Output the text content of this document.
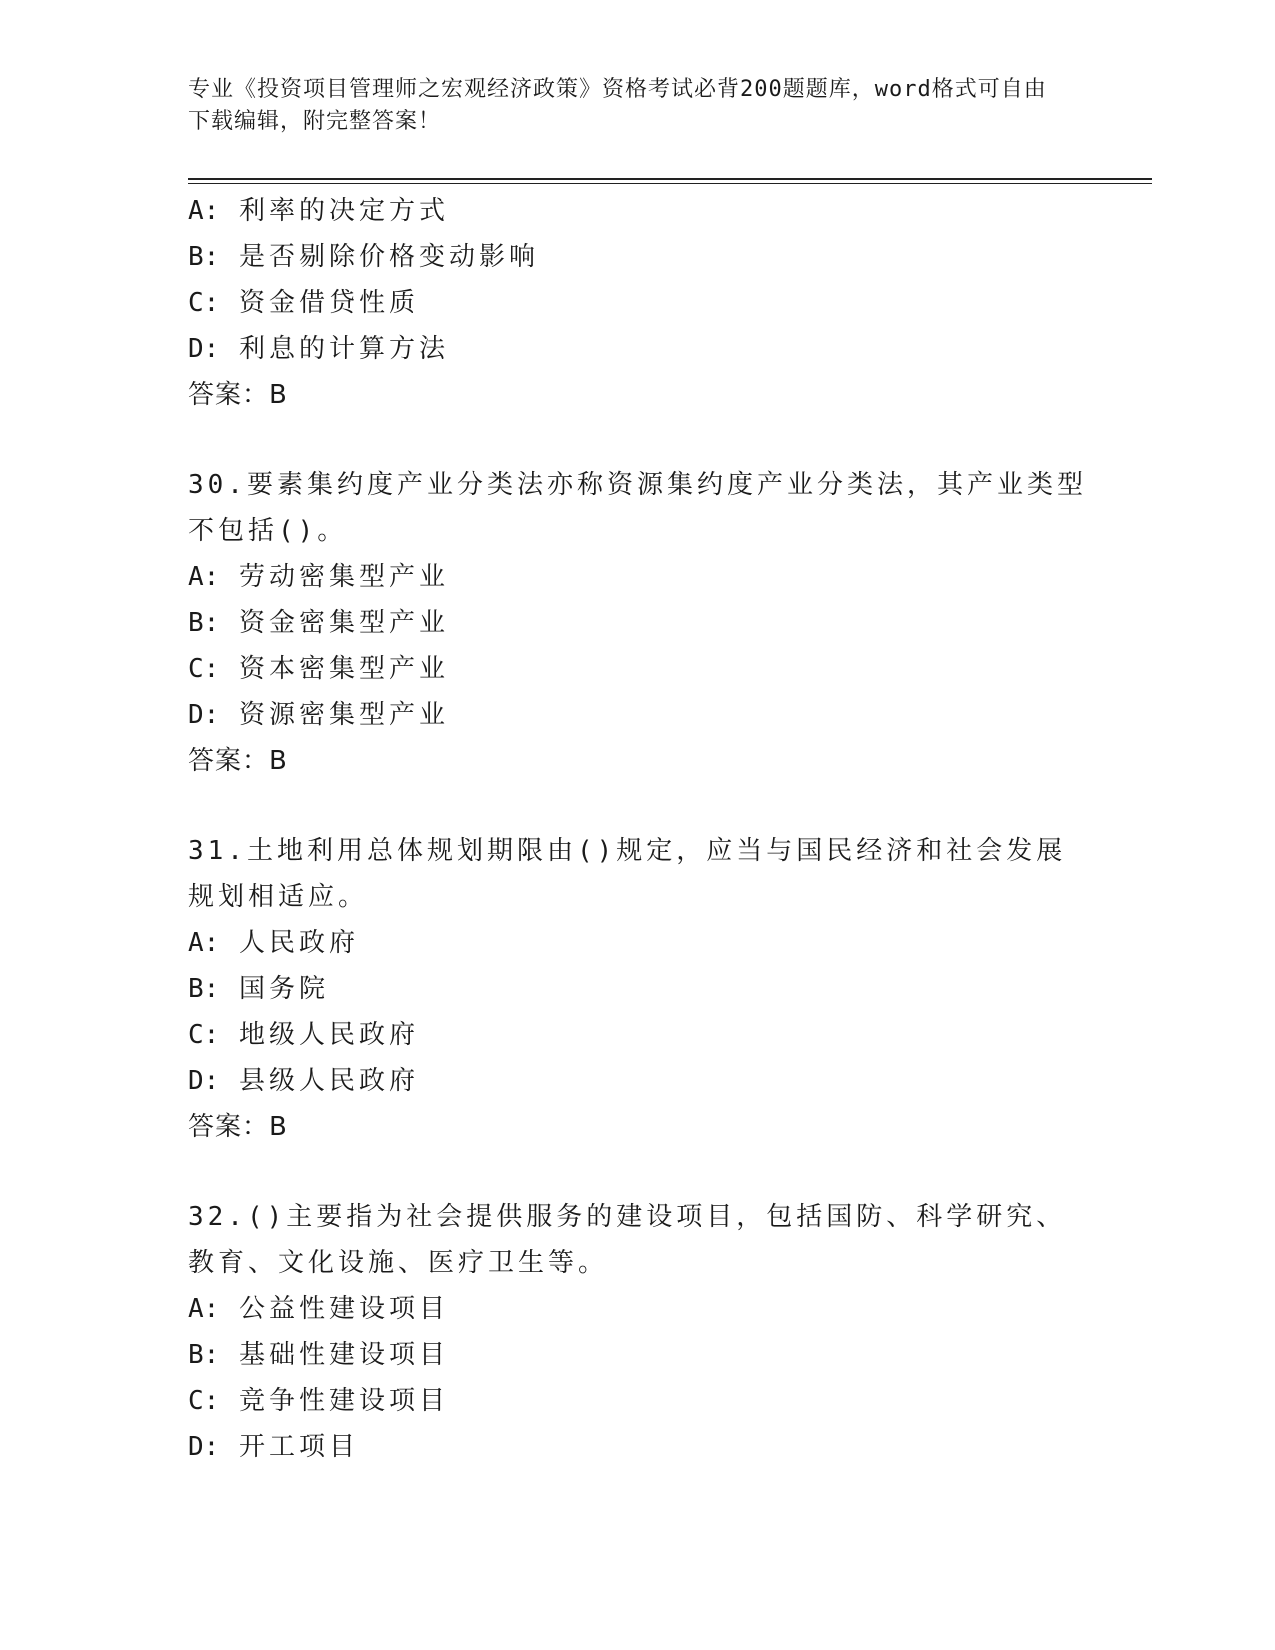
专业《投资项目管理师之宏观经济政策》资格考试必背200题题库，word格式可自由下载编辑，附完整答案！
A: 利率的决定方式
B: 是否剔除价格变动影响
C: 资金借贷性质
D: 利息的计算方法
答案：B
30.要素集约度产业分类法亦称资源集约度产业分类法，其产业类型不包括()。
A: 劳动密集型产业
B: 资金密集型产业
C: 资本密集型产业
D: 资源密集型产业
答案：B
31.土地利用总体规划期限由()规定，应当与国民经济和社会发展规划相适应。
A: 人民政府
B: 国务院
C: 地级人民政府
D: 县级人民政府
答案：B
32.()主要指为社会提供服务的建设项目，包括国防、科学研究、教育、文化设施、医疗卫生等。
A: 公益性建设项目
B: 基础性建设项目
C: 竞争性建设项目
D: 开工项目
